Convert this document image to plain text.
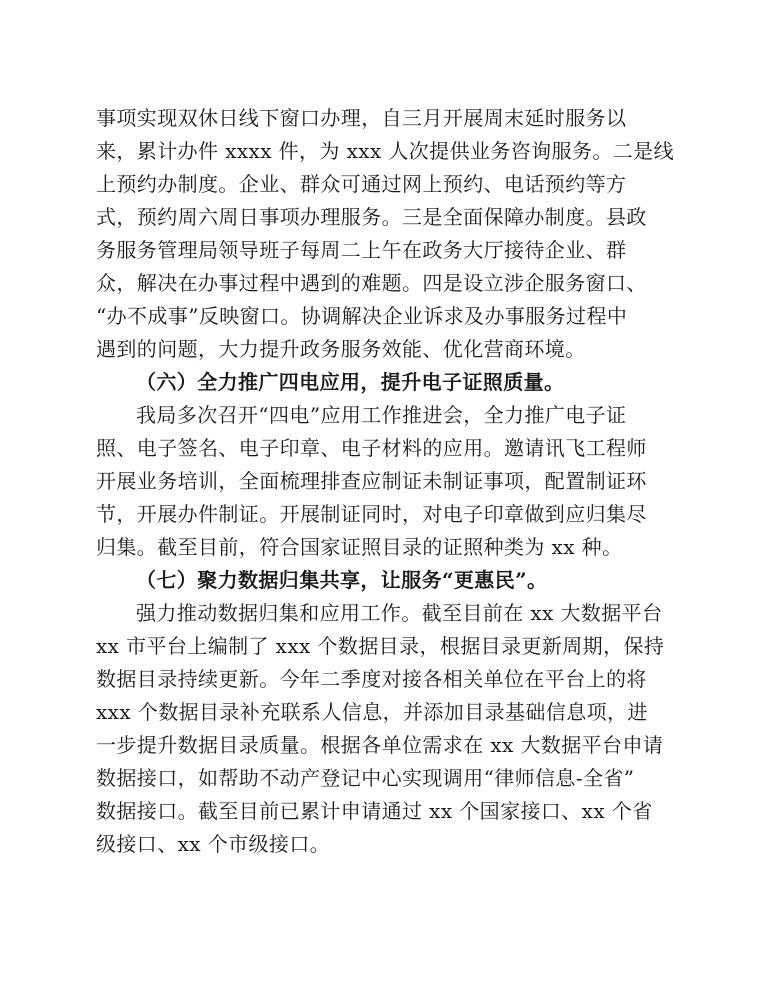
事项实现双休日线下窗口办理，自三月开展周末延时服务以
来，累计办件 xxxx 件，为 xxx 人次提供业务咨询服务。二是线
上预约办制度。企业、群众可通过网上预约、电话预约等方
式，预约周六周日事项办理服务。三是全面保障办制度。县政
务服务管理局领导班子每周二上午在政务大厅接待企业、群
众，解决在办事过程中遇到的难题。四是设立涉企服务窗口、
“办不成事”反映窗口。协调解决企业诉求及办事服务过程中
遇到的问题，大力提升政务服务效能、优化营商环境。
（六）全力推广四电应用，提升电子证照质量。
我局多次召开“四电”应用工作推进会，全力推广电子证
照、电子签名、电子印章、电子材料的应用。邀请讯飞工程师
开展业务培训，全面梳理排查应制证未制证事项，配置制证环
节，开展办件制证。开展制证同时，对电子印章做到应归集尽
归集。截至目前，符合国家证照目录的证照种类为 xx 种。
（七）聚力数据归集共享，让服务“更惠民”。
强力推动数据归集和应用工作。截至目前在 xx 大数据平台
xx 市平台上编制了 xxx 个数据目录，根据目录更新周期，保持
数据目录持续更新。今年二季度对接各相关单位在平台上的将
xxx 个数据目录补充联系人信息，并添加目录基础信息项，进
一步提升数据目录质量。根据各单位需求在 xx 大数据平台申请
数据接口，如帮助不动产登记中心实现调用“律师信息-全省”
数据接口。截至目前已累计申请通过 xx 个国家接口、xx 个省
级接口、xx 个市级接口。
